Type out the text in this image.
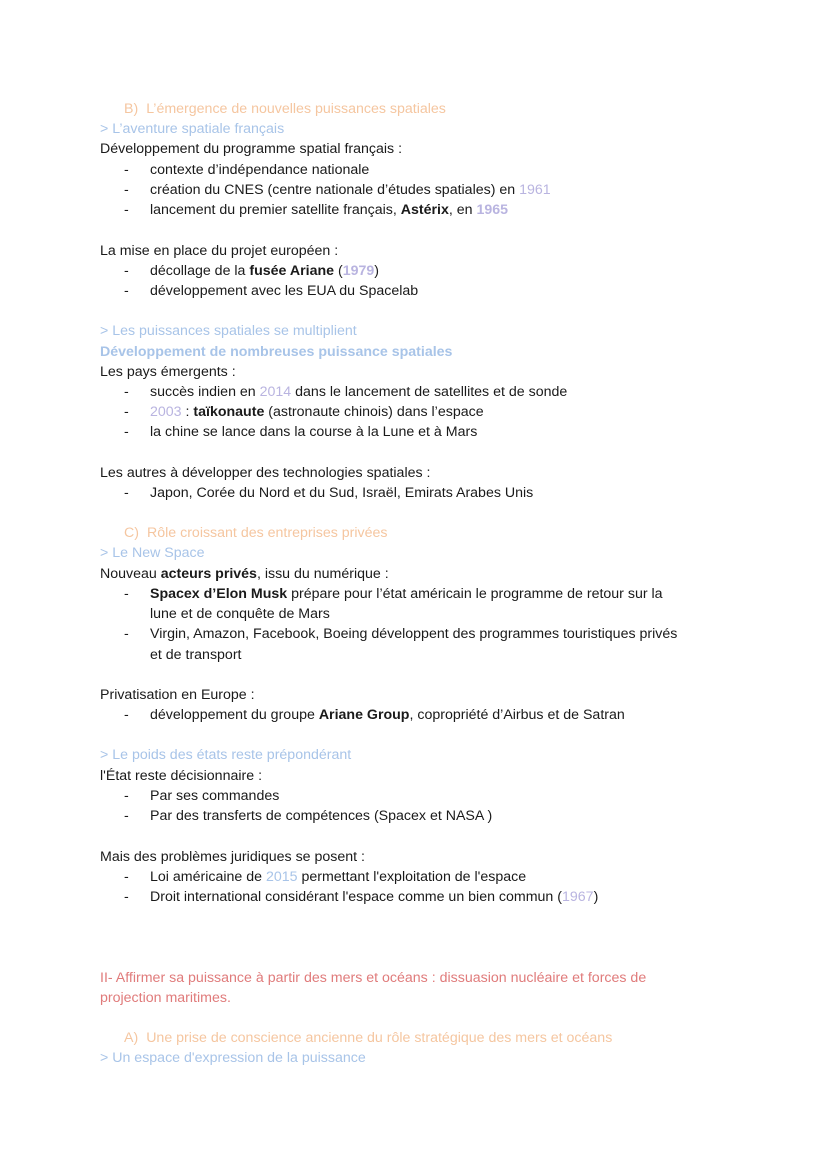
B) L’émergence de nouvelles puissances spatiales
> L’aventure spatiale français
Développement du programme spatial français :
- contexte d’indépendance nationale
- création du CNES (centre nationale d’études spatiales) en 1961
- lancement du premier satellite français, Astérix, en 1965
La mise en place du projet européen :
- décollage de la fusée Ariane (1979)
- développement avec les EUA du Spacelab
> Les puissances spatiales se multiplient
Développement de nombreuses puissance spatiales
Les pays émergents :
- succès indien en 2014 dans le lancement de satellites et de sonde
- 2003 : taïkonaute (astronaute chinois) dans l’espace
- la chine se lance dans la course à la Lune et à Mars
Les autres à développer des technologies spatiales :
- Japon, Corée du Nord et du Sud, Israël, Emirats Arabes Unis
C) Rôle croissant des entreprises privées
> Le New Space
Nouveau acteurs privés, issu du numérique :
- Spacex d’Elon Musk prépare pour l’état américain le programme de retour sur la
lune et de conquête de Mars
- Virgin, Amazon, Facebook, Boeing développent des programmes touristiques privés
et de transport
Privatisation en Europe :
- développement du groupe Ariane Group, copropriété d’Airbus et de Satran
> Le poids des états reste prépondérant
l'État reste décisionnaire :
- Par ses commandes
- Par des transferts de compétences (Spacex et NASA )
Mais des problèmes juridiques se posent :
- Loi américaine de 2015 permettant l'exploitation de l'espace
- Droit international considérant l'espace comme un bien commun (1967)
II- Affirmer sa puissance à partir des mers et océans : dissuasion nucléaire et forces de
projection maritimes.
A) Une prise de conscience ancienne du rôle stratégique des mers et océans
> Un espace d'expression de la puissance
